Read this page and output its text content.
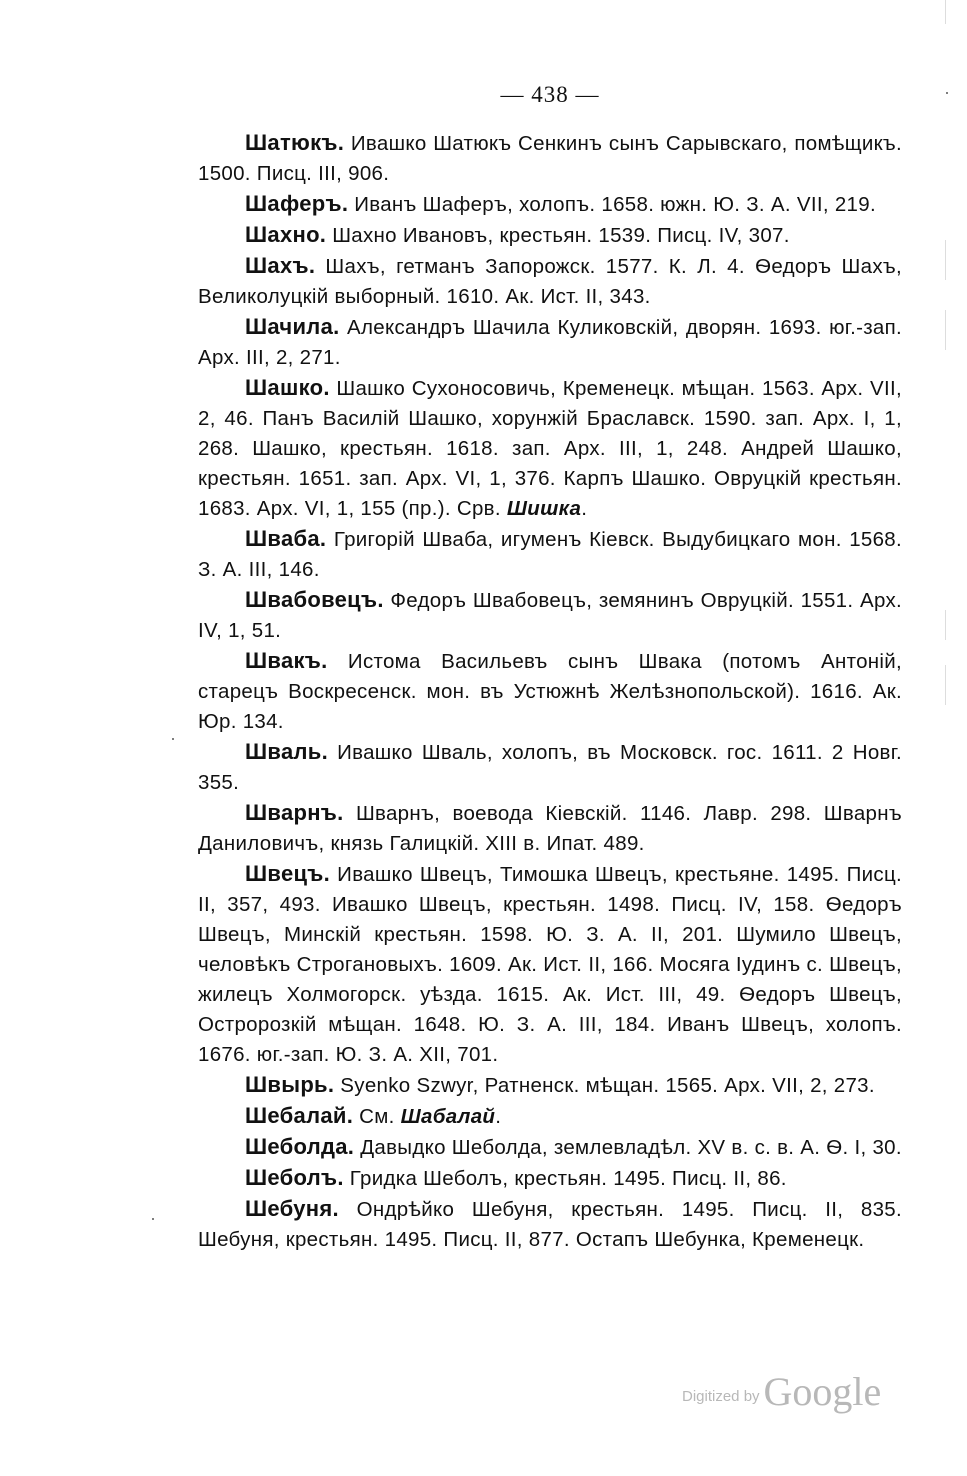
— 438 —

Шатюкъ. Ивашко Шатюкъ Сенкинъ сынъ Сарывскаго, помѣщикъ. 1500. Писц. III, 906.

Шаферъ. Иванъ Шаферъ, холопъ. 1658. южн. Ю. З. А. VII, 219.

Шахно. Шахно Ивановъ, крестьян. 1539. Писц. IV, 307.

Шахъ. Шахъ, гетманъ Запорожск. 1577. К. Л. 4. Ѳедоръ Шахъ, Великолуцкій выборный. 1610. Ак. Ист. II, 343.

Шачила. Александръ Шачила Куликовскій, дворян. 1693. юг.-зап. Арх. III, 2, 271.

Шашко. Шашко Сухоносовичь, Кременецк. мѣщан. 1563. Арх. VII, 2, 46. Панъ Василій Шашко, хорунжій Браславск. 1590. зап. Арх. I, 1, 268. Шашко, крестьян. 1618. зап. Арх. III, 1, 248. Андрей Шашко, крестьян. 1651. зап. Арх. VI, 1, 376. Карпъ Шашко. Овруцкій крестьян. 1683. Арх. VI, 1, 155 (пр.). Срв. Шишка.

Шваба. Григорій Шваба, игуменъ Кіевск. Выдубицкаго мон. 1568. З. А. III, 146.

Швабовецъ. Федоръ Швабовецъ, земянинъ Овруцкій. 1551. Арх. IV, 1, 51.

Швакъ. Истома Васильевъ сынъ Швака (потомъ Антоній, старецъ Воскресенск. мон. въ Устюжнѣ Желѣзнопольской). 1616. Ак. Юр. 134.

Шваль. Ивашко Шваль, холопъ, въ Московск. гос. 1611. 2 Новг. 355.

Шварнъ. Шварнъ, воевода Кіевскій. 1146. Лавр. 298. Шварнъ Даниловичъ, князь Галицкій. XIII в. Ипат. 489.

Швецъ. Ивашко Швецъ, Тимошка Швецъ, крестьяне. 1495. Писц. II, 357, 493. Ивашко Швецъ, крестьян. 1498. Писц. IV, 158. Ѳедоръ Швецъ, Минскій крестьян. 1598. Ю. З. А. II, 201. Шумило Швецъ, человѣкъ Строгановыхъ. 1609. Ак. Ист. II, 166. Мосяга Іудинъ с. Швецъ, жилецъ Холмогорск. уѣзда. 1615. Ак. Ист. III, 49. Ѳедоръ Швецъ, Остророзкій мѣщан. 1648. Ю. З. А. III, 184. Иванъ Швецъ, холопъ. 1676. юг.-зап. Ю. З. А. XII, 701.

Швырь. Syenko Szwyr, Ратненск. мѣщан. 1565. Арх. VII, 2, 273.

Шебалай. См. Шабалай.

Шеболда. Давыдко Шеболда, землевладѣл. XV в. с. в. А. Ѳ. I, 30.

Шеболъ. Гридка Шеболъ, крестьян. 1495. Писц. II, 86.

Шебуня. Ондрѣйко Шебуня, крестьян. 1495. Писц. II, 835. Шебуня, крестьян. 1495. Писц. II, 877. Остапъ Шебунка, Кременецк.

Digitized by Google
